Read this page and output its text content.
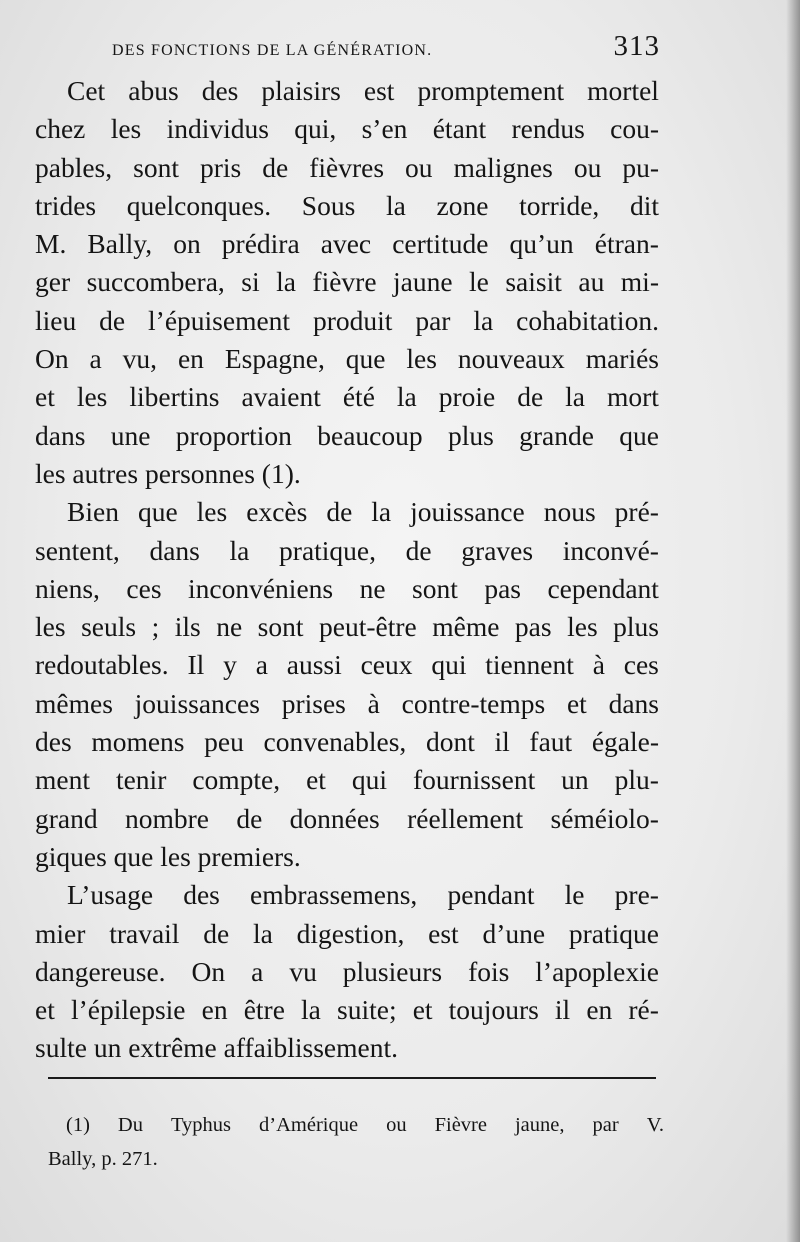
DES FONCTIONS DE LA GÉNÉRATION.	313
Cet abus des plaisirs est promptement mortel
chez les individus qui, s’en étant rendus cou-
pables, sont pris de fièvres ou malignes ou pu-
trides quelconques. Sous la zone torride, dit
M. Bally, on prédira avec certitude qu’un étran-
ger succombera, si la fièvre jaune le saisit au mi-
lieu de l’épuisement produit par la cohabitation.
On a vu, en Espagne, que les nouveaux mariés
et les libertins avaient été la proie de la mort
dans une proportion beaucoup plus grande que
les autres personnes (1).
Bien que les excès de la jouissance nous pré-
sentent, dans la pratique, de graves inconvé-
niens, ces inconvéniens ne sont pas cependant
les seuls ; ils ne sont peut-être même pas les plus
redoutables. Il y a aussi ceux qui tiennent à ces
mêmes jouissances prises à contre-temps et dans
des momens peu convenables, dont il faut égale-
ment tenir compte, et qui fournissent un plu-
grand nombre de données réellement séméiolo-
giques que les premiers.
L’usage des embrassemens, pendant le pre-
mier travail de la digestion, est d’une pratique
dangereuse. On a vu plusieurs fois l’apoplexie
et l’épilepsie en être la suite; et toujours il en ré-
sulte un extrême affaiblissement.
(1) Du Typhus d’Amérique ou Fièvre jaune, par V.
Bally, p. 271.
